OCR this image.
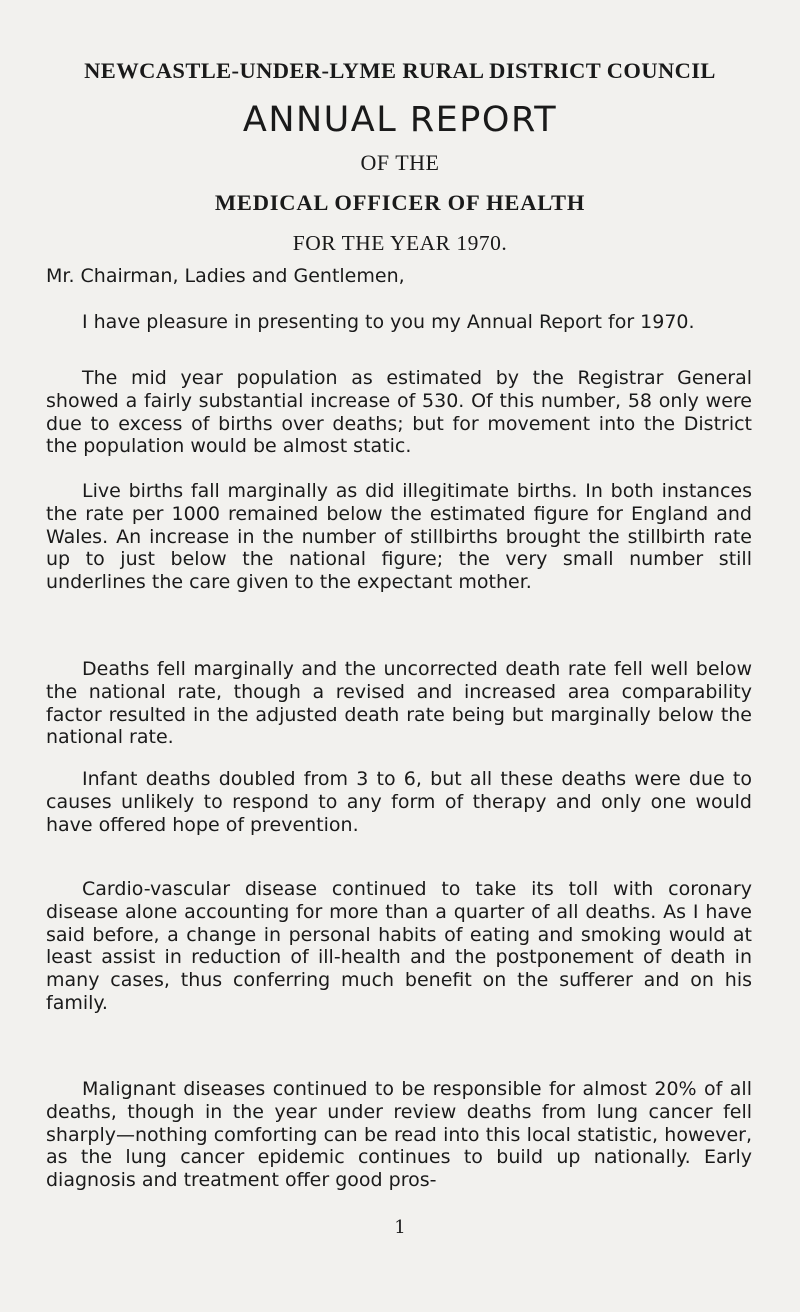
NEWCASTLE-UNDER-LYME RURAL DISTRICT COUNCIL
ANNUAL REPORT
OF THE
MEDICAL OFFICER OF HEALTH
FOR THE YEAR 1970.
Mr. Chairman, Ladies and Gentlemen,

I have pleasure in presenting to you my Annual Report for 1970.

The mid year population as estimated by the Registrar General showed a fairly substantial increase of 530. Of this number, 58 only were due to excess of births over deaths; but for movement into the District the population would be almost static.

Live births fall marginally as did illegitimate births. In both instances the rate per 1000 remained below the estimated figure for England and Wales. An increase in the number of stillbirths brought the stillbirth rate up to just below the national figure; the very small number still underlines the care given to the expectant mother.

Deaths fell marginally and the uncorrected death rate fell well below the national rate, though a revised and increased area comparability factor resulted in the adjusted death rate being but marginally below the national rate.

Infant deaths doubled from 3 to 6, but all these deaths were due to causes unlikely to respond to any form of therapy and only one would have offered hope of prevention.

Cardio-vascular disease continued to take its toll with coronary disease alone accounting for more than a quarter of all deaths. As I have said before, a change in personal habits of eating and smoking would at least assist in reduction of ill-health and the postponement of death in many cases, thus conferring much benefit on the sufferer and on his family.

Malignant diseases continued to be responsible for almost 20% of all deaths, though in the year under review deaths from lung cancer fell sharply—nothing comforting can be read into this local statistic, however, as the lung cancer epidemic continues to build up nationally. Early diagnosis and treatment offer good pros-

1
